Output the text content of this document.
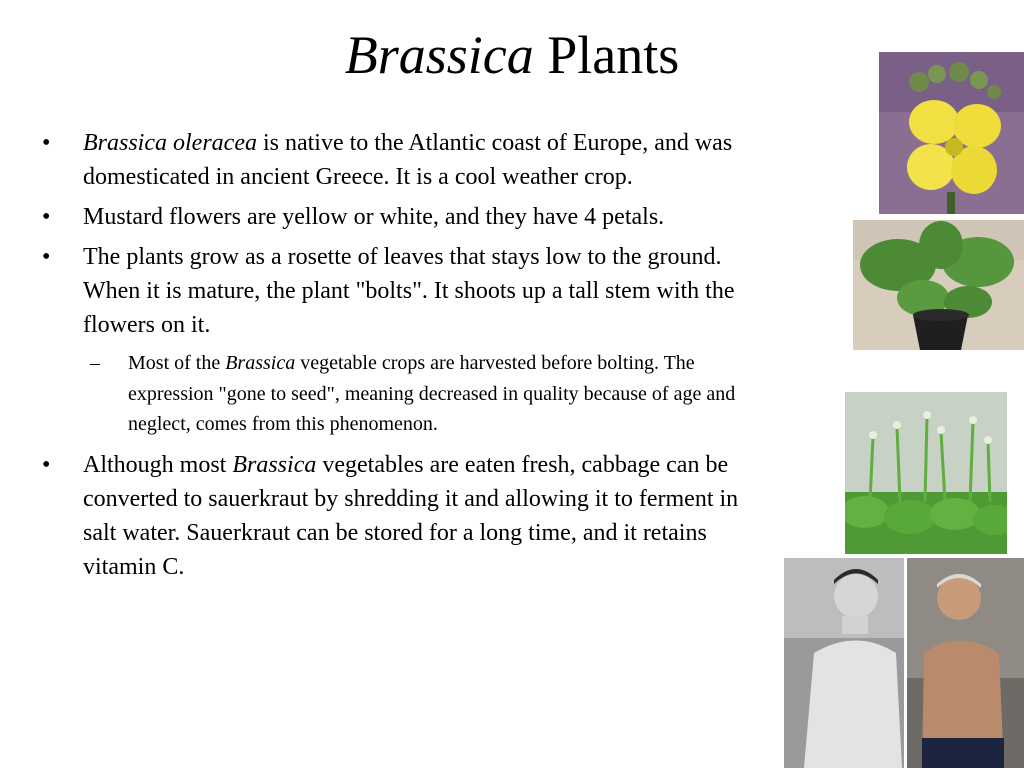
Brassica Plants
• Brassica oleracea is native to the Atlantic coast of Europe, and was domesticated in ancient Greece. It is a cool weather crop.
• Mustard flowers are yellow or white, and they have 4 petals.
• The plants grow as a rosette of leaves that stays low to the ground. When it is mature, the plant "bolts". It shoots up a tall stem with the flowers on it.
– Most of the Brassica vegetable crops are harvested before bolting. The expression "gone to seed", meaning decreased in quality because of age and neglect, comes from this phenomenon.
• Although most Brassica vegetables are eaten fresh, cabbage can be converted to sauerkraut by shredding it and allowing it to ferment in salt water. Sauerkraut can be stored for a long time, and it retains vitamin C.
